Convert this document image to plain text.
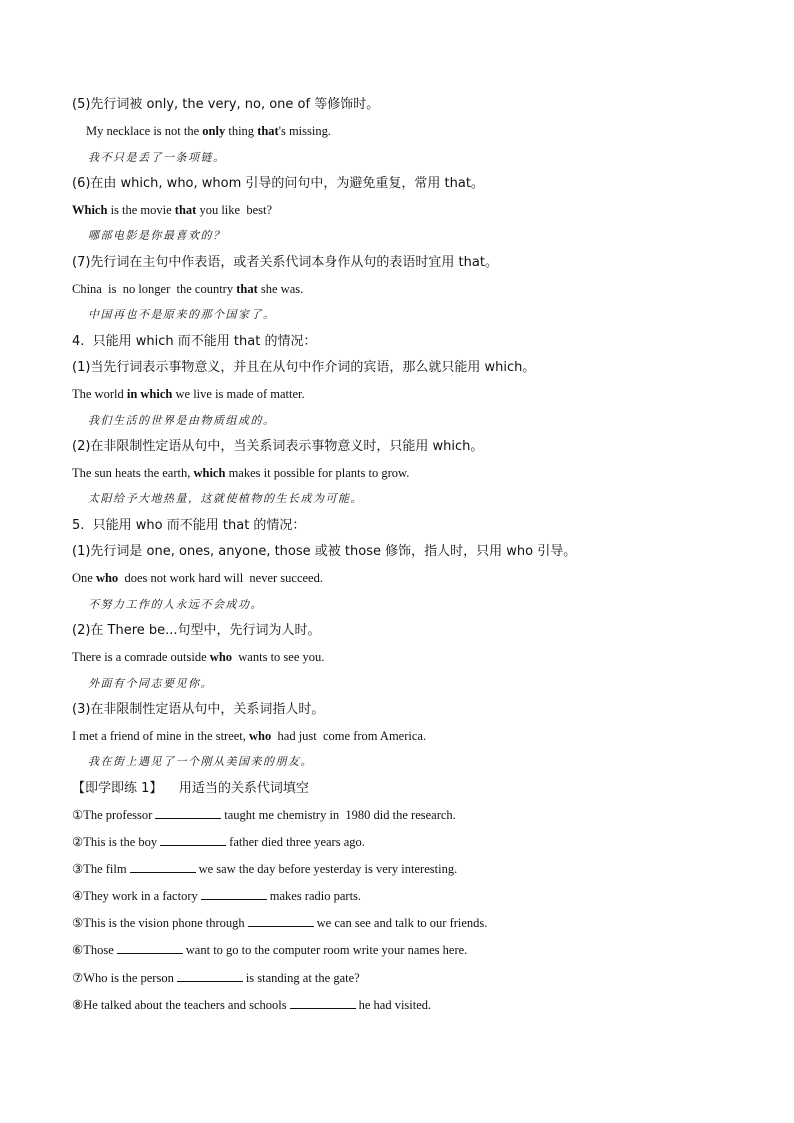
(5)先行词被 only, the very, no, one of 等修饰时。
My necklace is not the only thing that's missing.
我不只是丢了一条项链。
(6)在由 which, who, whom 引导的问句中，为避免重复，常用 that。
Which is the movie that you like  best?
哪部电影是你最喜欢的？
(7)先行词在主句中作表语，或者关系代词本身作从句的表语时宜用 that。
China  is  no longer  the country that she was.
中国再也不是原来的那个国家了。
4.  只能用 which 而不能用 that 的情况：
(1)当先行词表示事物意义，并且在从句中作介词的宾语，那么就只能用 which。
The world in which we live is made of matter.
我们生活的世界是由物质组成的。
(2)在非限制性定语从句中，当关系词表示事物意义时，只能用 which。
The sun heats the earth, which makes it possible for plants to grow.
太阳给予大地热量，这就使植物的生长成为可能。
5.  只能用 who 而不能用 that 的情况：
(1)先行词是 one, ones, anyone, those 或被 those 修饰，指人时，只用 who 引导。
One who  does not work hard will  never succeed.
不努力工作的人永远不会成功。
(2)在 There be...句型中，先行词为人时。
There is a comrade outside who  wants to see you.
外面有个同志要见你。
(3)在非限制性定语从句中，关系词指人时。
I met a friend of mine in the street, who  had just  come from America.
我在街上遇见了一个刚从美国来的朋友。
【即学即练 1】    用适当的关系代词填空
①The professor	taught me chemistry in  1980 did the research.
②This is the boy	father died three years ago.
③The film	we saw the day before yesterday is very interesting.
④They work in a factory	makes radio parts.
⑤This is the vision phone through	we can see and talk to our friends.
⑥Those	want to go to the computer room write your names here.
⑦Who is the person	is standing at the gate?
⑧He talked about the teachers and schools	he had visited.
